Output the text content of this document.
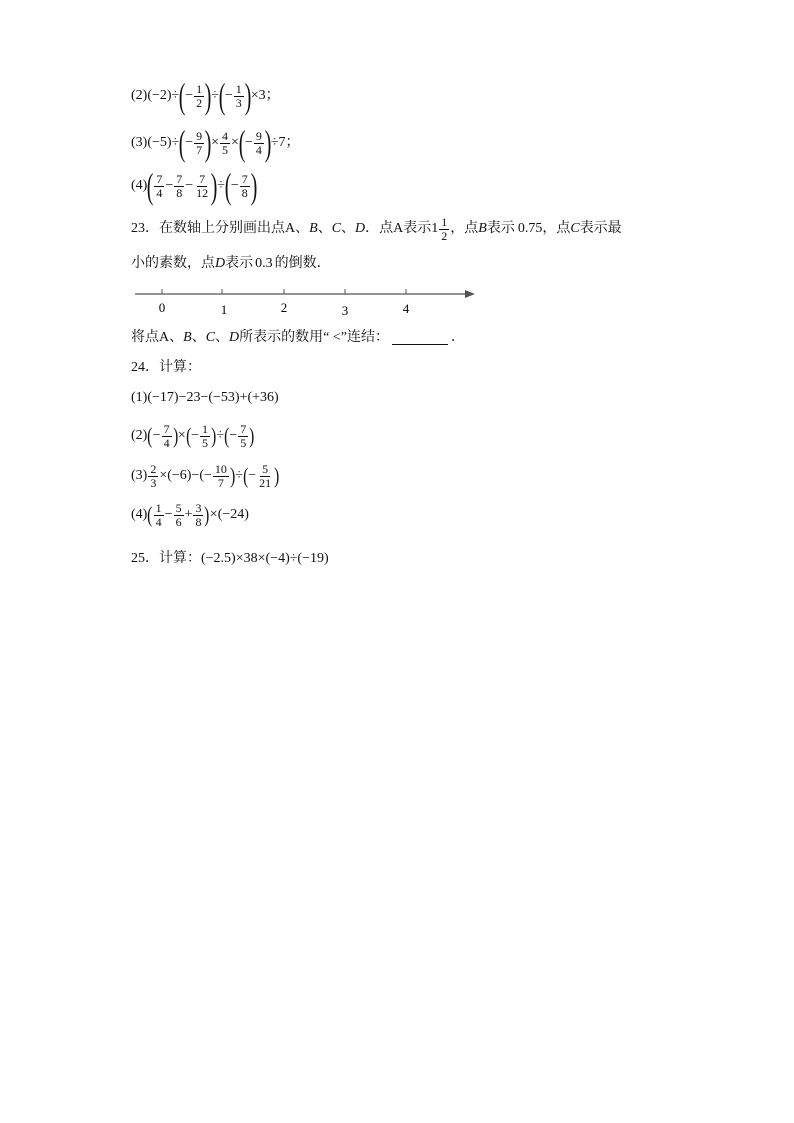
(2) (−2)÷ ( − $\frac{1}{2}$ ) ÷ ( − $\frac{1}{3}$ ) ×3；
(3) (−5)÷ ( − $\frac{9}{7}$ ) × $\frac{4}{5}$ × ( − $\frac{9}{4}$ ) ÷7；
(4) ( $\frac{7}{4} - \frac{7}{8} - \frac{7}{12}$ ) ÷ ( − $\frac{7}{8}$ )
23．在数轴上分别画出点 A 、 B 、 C 、 D ．点 A 表示 $1 \frac{1}{2}$ ，点 B 表示 0.75 ，点 C 表示最
小的素数，点 D 表示 0.3 的倒数．
0	1	2	3	4
将点 A 、 B 、 C 、 D 所表示的数用“ <”连结：	．
24．计算：
(1)(−17)−23−(−53)+(+36)
(2) ( − $\frac{7}{4}$ ) × ( − $\frac{1}{5}$ ) ÷ ( − $\frac{7}{5}$ )
$(3) \frac{2}{3} \times(-6)-(- \frac{10}{7}$ ) ÷ ( − $\frac{5}{21}$ )
(4) ( $\frac{1}{4} - \frac{5}{6} + \frac{3}{8}$ ) ×(−24)
25．计算： (−2.5)×38×(−4)÷(−19)
